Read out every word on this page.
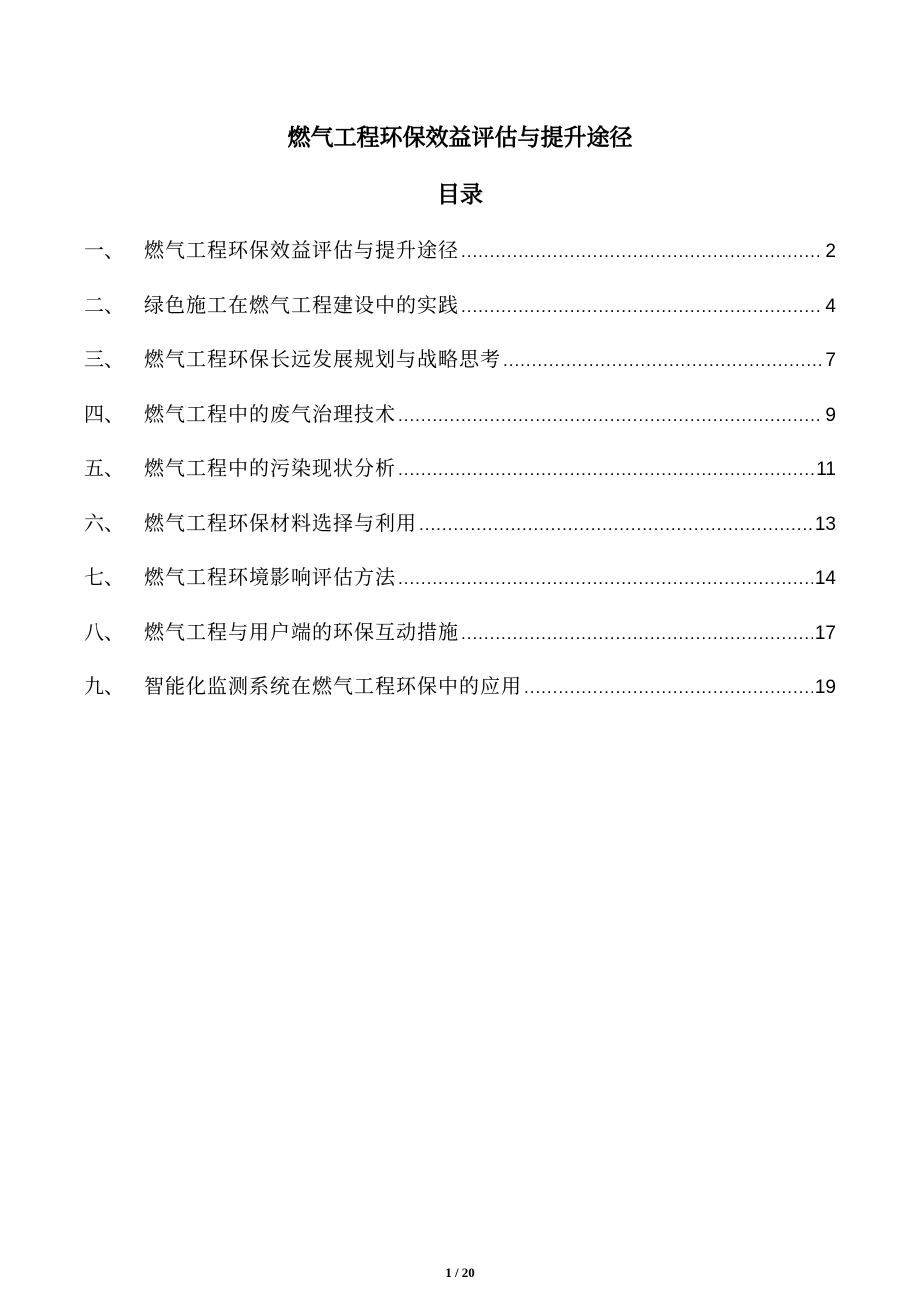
燃气工程环保效益评估与提升途径
目录
一、	燃气工程环保效益评估与提升途径 .....	2
二、	绿色施工在燃气工程建设中的实践 .....	4
三、	燃气工程环保长远发展规划与战略思考 .....	7
四、	燃气工程中的废气治理技术 .....	9
五、	燃气工程中的污染现状分析 .....	11
六、	燃气工程环保材料选择与利用 .....	13
七、	燃气工程环境影响评估方法 .....	14
八、	燃气工程与用户端的环保互动措施 .....	17
九、	智能化监测系统在燃气工程环保中的应用 .....	19
1 / 20
